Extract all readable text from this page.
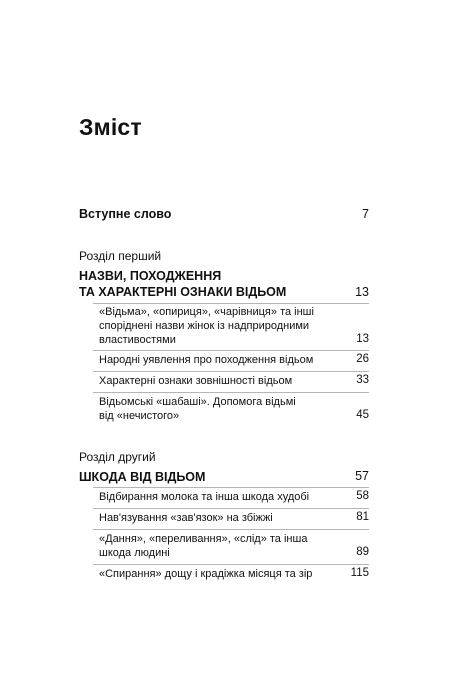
Зміст
Вступне слово	7
Розділ перший
НАЗВИ, ПОХОДЖЕННЯ
ТА ХАРАКТЕРНІ ОЗНАКИ ВІДЬОМ	13
«Відьма», «опириця», «чарівниця» та інші
споріднені назви жінок із надприродними
властивостями	13
Народні уявлення про походження відьом	26
Характерні ознаки зовнішності відьом	33
Відьомські «шабаші». Допомога відьмі
від «нечистого»	45
Розділ другий
ШКОДА ВІД ВІДЬОМ	57
Відбирання молока та інша шкода худобі	58
Нав'язування «зав'язок» на збіжжі	81
«Дання», «переливання», «слід» та інша
шкода людині	89
«Спирання» дощу і крадіжка місяця та зір	115
